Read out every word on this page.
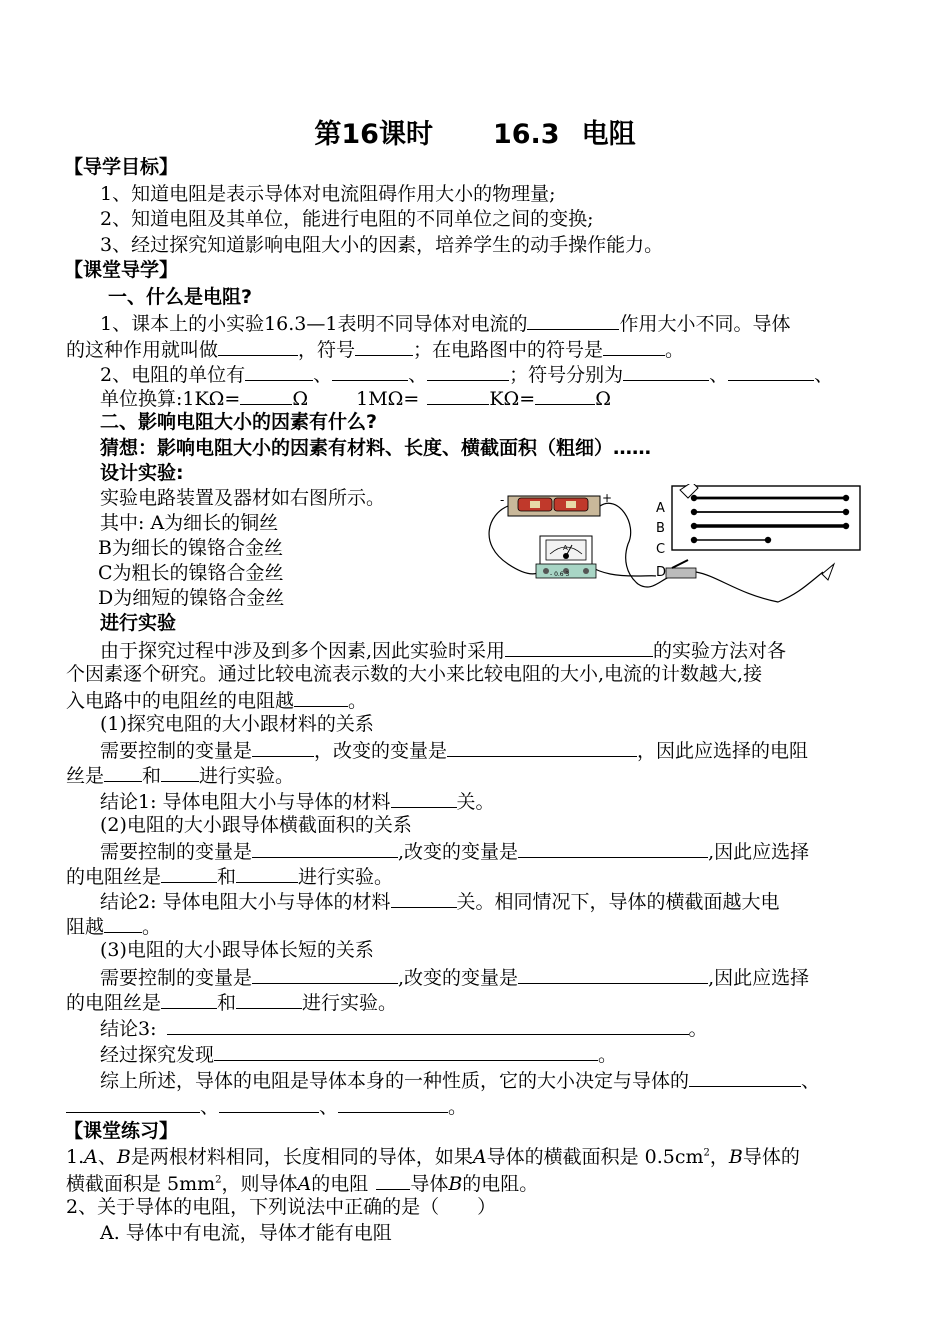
第16课时 16.3 电阻
【导学目标】
1、知道电阻是表示导体对电流阻碍作用大小的物理量;
2、知道电阻及其单位，能进行电阻的不同单位之间的变换;
3、经过探究知道影响电阻大小的因素，培养学生的动手操作能力。
【课堂导学】
一、什么是电阻?
1、课本上的小实验16.3—1表明不同导体对电流的	作用大小不同。导体
的这种作用就叫做	，符号	；在电路图中的符号是	。
2、电阻的单位有	、	、	；符号分别为	、	、
单位换算:1KΩ=	Ω	1MΩ=	KΩ=	Ω
二、影响电阻大小的因素有什么?
猜想：影响电阻大小的因素有材料、长度、横截面积（粗细）……
设计实验:
实验电路装置及器材如右图所示。
其中: A为细长的铜丝
B为细长的镍铬合金丝
C为粗长的镍铬合金丝
D为细短的镍铬合金丝
-	+
A
- 0.6 3
A
B
C
D
进行实验
由于探究过程中涉及到多个因素,因此实验时采用	的实验方法对各
个因素逐个研究。通过比较电流表示数的大小来比较电阻的大小,电流的计数越大,接
入电路中的电阻丝的电阻越	。
(1)探究电阻的大小跟材料的关系
需要控制的变量是	，改变的变量是	，因此应选择的电阻
丝是 和 进行实验。
结论1: 导体电阻大小与导体的材料	关。
(2)电阻的大小跟导体横截面积的关系
需要控制的变量是	,改变的变量是	,因此应选择
的电阻丝是	和	进行实验。
结论2: 导体电阻大小与导体的材料	关。相同情况下，导体的横截面越大电
阻越 。
(3)电阻的大小跟导体长短的关系
需要控制的变量是	,改变的变量是	,因此应选择
的电阻丝是	和	进行实验。
结论3:	。
经过探究发现	。
综上所述，导体的电阻是导体本身的一种性质，它的大小决定与导体的	、
、	、	。
【课堂练习】
1.A、B是两根材料相同，长度相同的导体，如果A导体的横截面积是 $0.5cm^2$，B导体的
横截面积是 $5mm^2$，则导体A的电阻 导体B的电阻。
2、关于导体的电阻，下列说法中正确的是（　　）
A. 导体中有电流，导体才能有电阻
